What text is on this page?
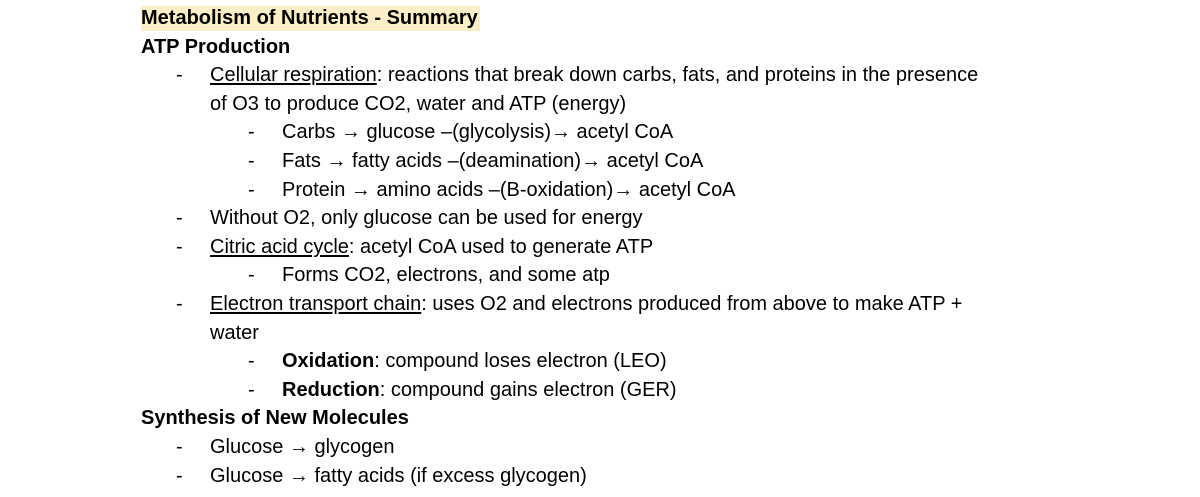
Metabolism of Nutrients - Summary
ATP Production
- Cellular respiration: reactions that break down carbs, fats, and proteins in the presence
of O3 to produce CO2, water and ATP (energy)
- Carbs → glucose –(glycolysis)→ acetyl CoA
- Fats → fatty acids –(deamination)→ acetyl CoA
- Protein → amino acids –(B-oxidation)→ acetyl CoA
- Without O2, only glucose can be used for energy
- Citric acid cycle: acetyl CoA used to generate ATP
- Forms CO2, electrons, and some atp
- Electron transport chain: uses O2 and electrons produced from above to make ATP +
water
- Oxidation: compound loses electron (LEO)
- Reduction: compound gains electron (GER)
Synthesis of New Molecules
- Glucose → glycogen
- Glucose → fatty acids (if excess glycogen)
